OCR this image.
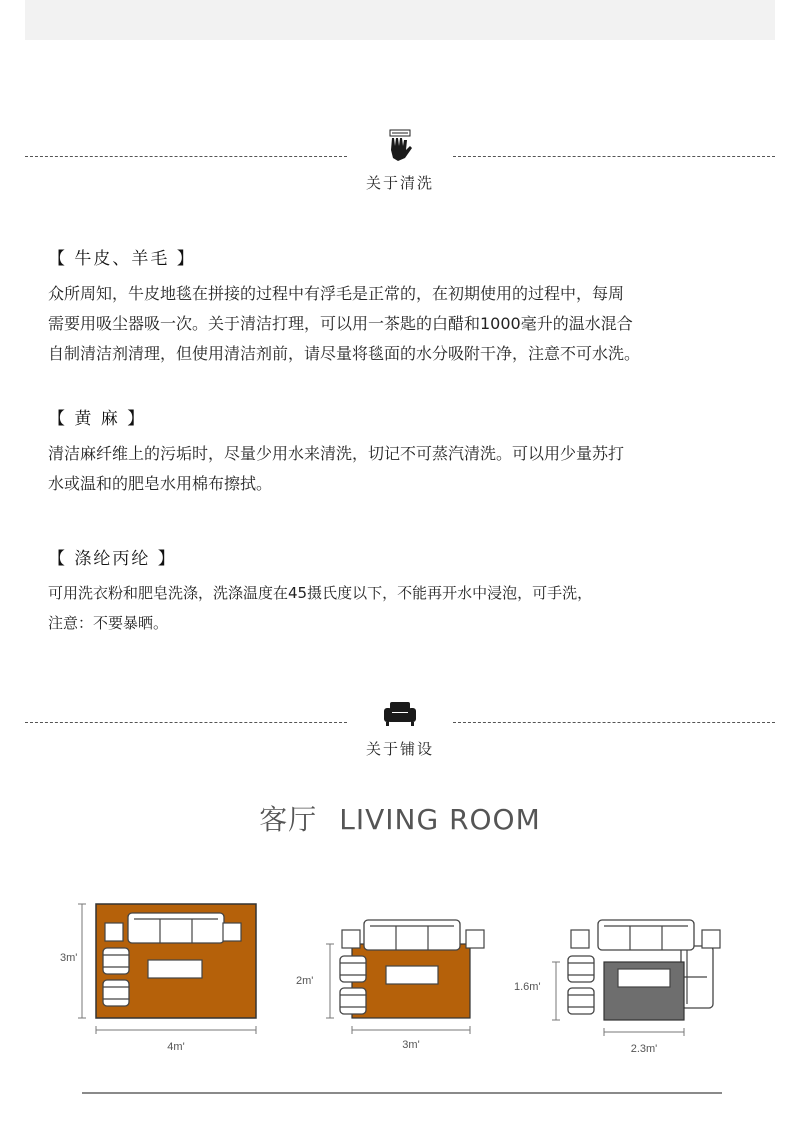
关于清洗
【 牛皮、羊毛 】

众所周知，牛皮地毯在拼接的过程中有浮毛是正常的，在初期使用的过程中，每周

需要用吸尘器吸一次。关于清洁打理，可以用一茶匙的白醋和1000毫升的温水混合

自制清洁剂清理，但使用清洁剂前，请尽量将毯面的水分吸附干净，注意不可水洗。

【 黄 麻 】

清洁麻纤维上的污垢时，尽量少用水来清洗，切记不可蒸汽清洗。可以用少量苏打

水或温和的肥皂水用棉布擦拭。

【 涤纶丙纶 】

可用洗衣粉和肥皂洗涤，洗涤温度在45摄氏度以下，不能再开水中浸泡，可手洗，

注意：不要暴晒。

关于铺设
客厅 LIVING ROOM
4m'
3m'
3m'
2m'
2.3m'
1.6m'
